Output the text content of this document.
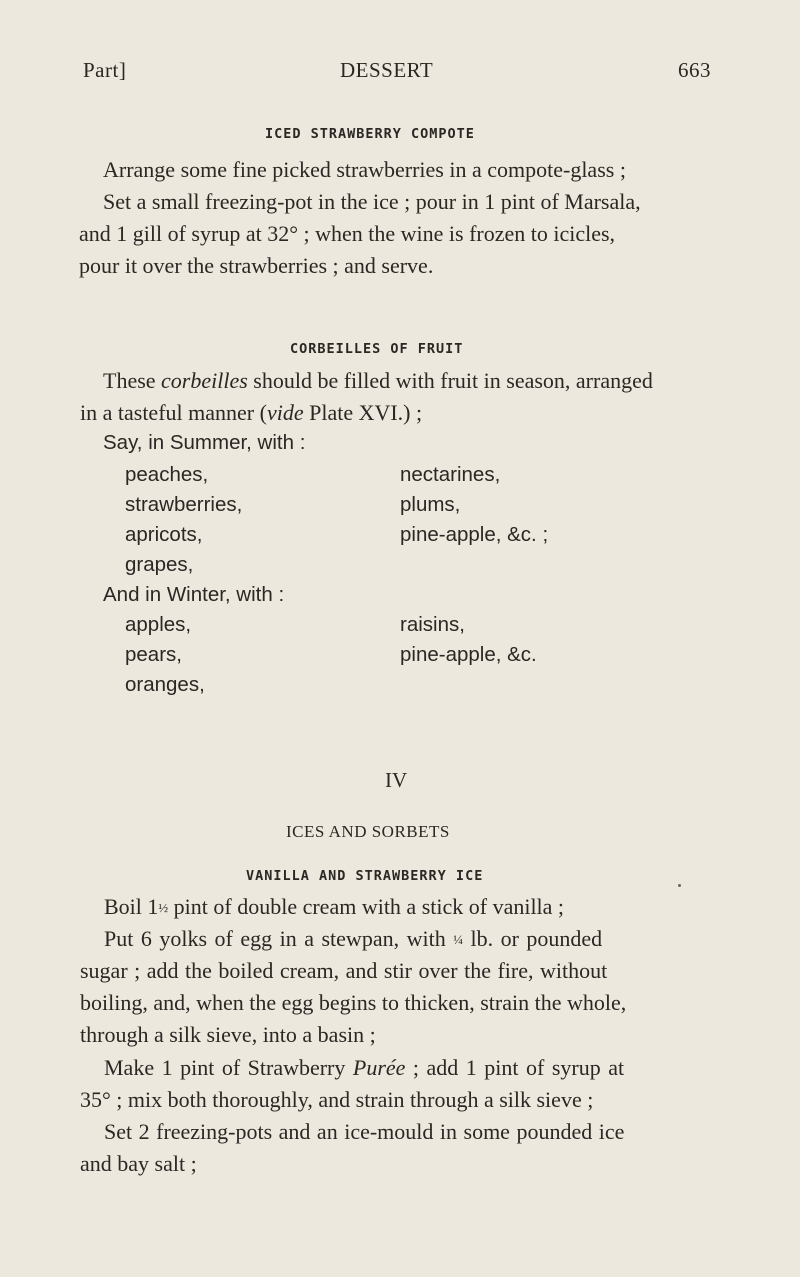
Part]	DESSERT	663
ICED STRAWBERRY COMPOTE
Arrange some fine picked strawberries in a compote-glass ;
Set a small freezing-pot in the ice ; pour in 1 pint of Marsala,
and 1 gill of syrup at 32° ; when the wine is frozen to icicles,
pour it over the strawberries ; and serve.
CORBEILLES OF FRUIT
These corbeilles should be filled with fruit in season, arranged
in a tasteful manner (vide Plate XVI.) ;
Say, in Summer, with :
peaches,
strawberries,
apricots,
grapes,
nectarines,
plums,
pine-apple, &c. ;
And in Winter, with :
apples,
pears,
oranges,
raisins,
pine-apple, &c.
IV
ICES AND SORBETS
VANILLA AND STRAWBERRY ICE
Boil 1½ pint of double cream with a stick of vanilla ;
Put 6 yolks of egg in a stewpan, with ¼ lb. or pounded
sugar ; add the boiled cream, and stir over the fire, without
boiling, and, when the egg begins to thicken, strain the whole,
through a silk sieve, into a basin ;
Make 1 pint of Strawberry Purée ; add 1 pint of syrup at
35° ; mix both thoroughly, and strain through a silk sieve ;
Set 2 freezing-pots and an ice-mould in some pounded ice
and bay salt ;
